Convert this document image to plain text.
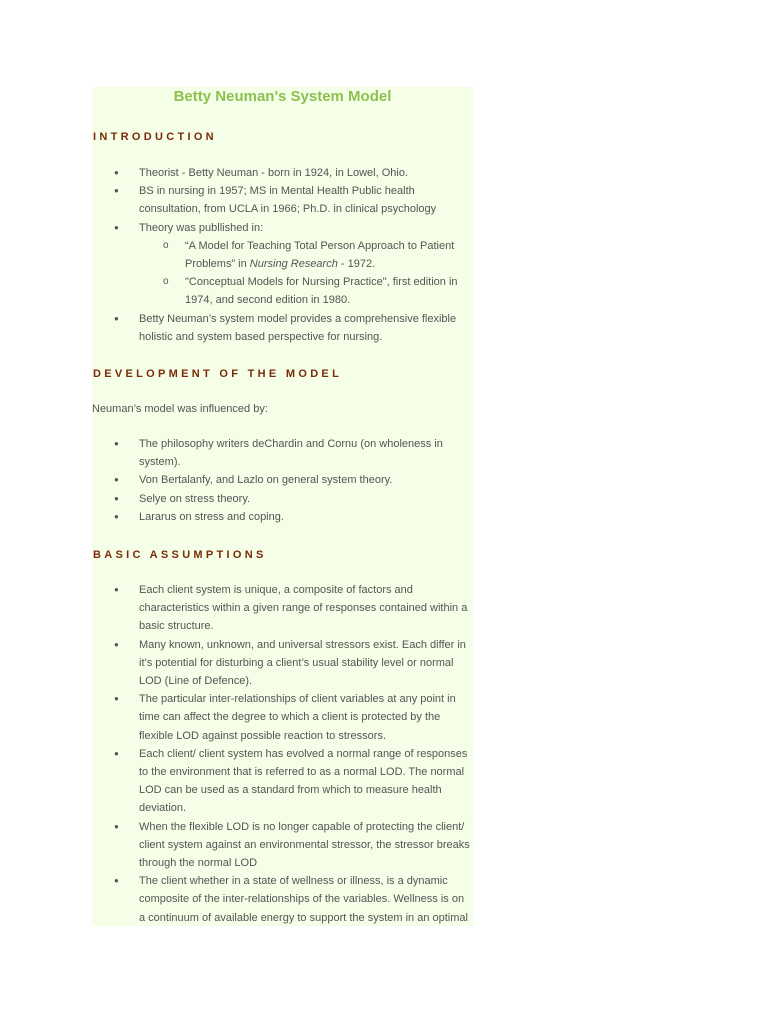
Betty Neuman's System Model
INTRODUCTION
● Theorist - Betty Neuman - born in 1924, in Lowel, Ohio.
● BS in nursing in 1957; MS in Mental Health Public health consultation, from UCLA in 1966; Ph.D. in clinical psychology
● Theory was publlished in:
o “A Model for Teaching Total Person Approach to Patient Problems” in Nursing Research - 1972.
o "Conceptual Models for Nursing Practice", first edition in 1974, and second edition in 1980.
● Betty Neuman’s system model provides a comprehensive flexible holistic and system based perspective for nursing.
DEVELOPMENT OF THE MODEL

Neuman’s model was influenced by:

● The philosophy writers deChardin and Cornu (on wholeness in system).
● Von Bertalanfy, and Lazlo on general system theory.
● Selye on stress theory.
● Lararus on stress and coping.
BASIC ASSUMPTIONS
● Each client system is unique, a composite of factors and characteristics within a given range of responses contained within a basic structure.
● Many known, unknown, and universal stressors exist. Each differ in it’s potential for disturbing a client’s usual stability level or normal LOD (Line of Defence).
● The particular inter-relationships of client variables at any point in time can affect the degree to which a client is protected by the flexible LOD against possible reaction to stressors.
● Each client/ client system has evolved a normal range of responses to the environment that is referred to as a normal LOD. The normal LOD can be used as a standard from which to measure health deviation.
● When the flexible LOD is no longer capable of protecting the client/ client system against an environmental stressor, the stressor breaks through the normal LOD
● The client whether in a state of wellness or illness, is a dynamic composite of the inter-relationships of the variables. Wellness is on a continuum of available energy to support the system in an optimal
